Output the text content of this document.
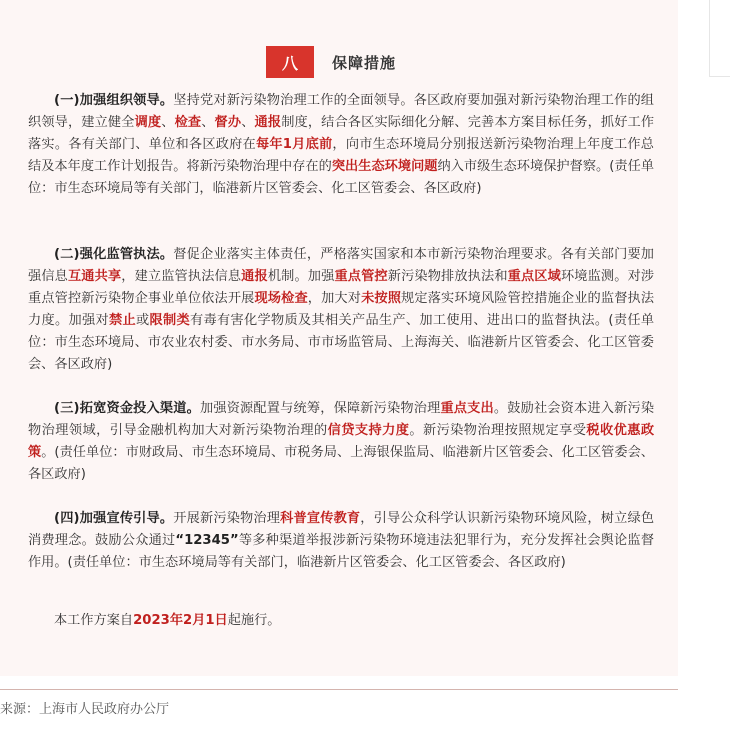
八	保障措施

(一)加强组织领导。坚持党对新污染物治理工作的全面领导。各区政府要加强对新污染物治理工作的组织领导，建立健全调度、检查、督办、通报制度，结合各区实际细化分解、完善本方案目标任务，抓好工作落实。各有关部门、单位和各区政府在每年1月底前，向市生态环境局分别报送新污染物治理上年度工作总结及本年度工作计划报告。将新污染物治理中存在的突出生态环境问题纳入市级生态环境保护督察。(责任单位：市生态环境局等有关部门，临港新片区管委会、化工区管委会、各区政府)

(二)强化监管执法。督促企业落实主体责任，严格落实国家和本市新污染物治理要求。各有关部门要加强信息互通共享，建立监管执法信息通报机制。加强重点管控新污染物排放执法和重点区域环境监测。对涉重点管控新污染物企事业单位依法开展现场检查，加大对未按照规定落实环境风险管控措施企业的监督执法力度。加强对禁止或限制类有毒有害化学物质及其相关产品生产、加工使用、进出口的监督执法。(责任单位：市生态环境局、市农业农村委、市水务局、市市场监管局、上海海关、临港新片区管委会、化工区管委会、各区政府)

(三)拓宽资金投入渠道。加强资源配置与统筹，保障新污染物治理重点支出。鼓励社会资本进入新污染物治理领域，引导金融机构加大对新污染物治理的信贷支持力度。新污染物治理按照规定享受税收优惠政策。(责任单位：市财政局、市生态环境局、市税务局、上海银保监局、临港新片区管委会、化工区管委会、各区政府)

(四)加强宣传引导。开展新污染物治理科普宣传教育，引导公众科学认识新污染物环境风险，树立绿色消费理念。鼓励公众通过“12345”等多种渠道举报涉新污染物环境违法犯罪行为，充分发挥社会舆论监督作用。(责任单位：市生态环境局等有关部门，临港新片区管委会、化工区管委会、各区政府)

本工作方案自2023年2月1日起施行。

来源：上海市人民政府办公厅
